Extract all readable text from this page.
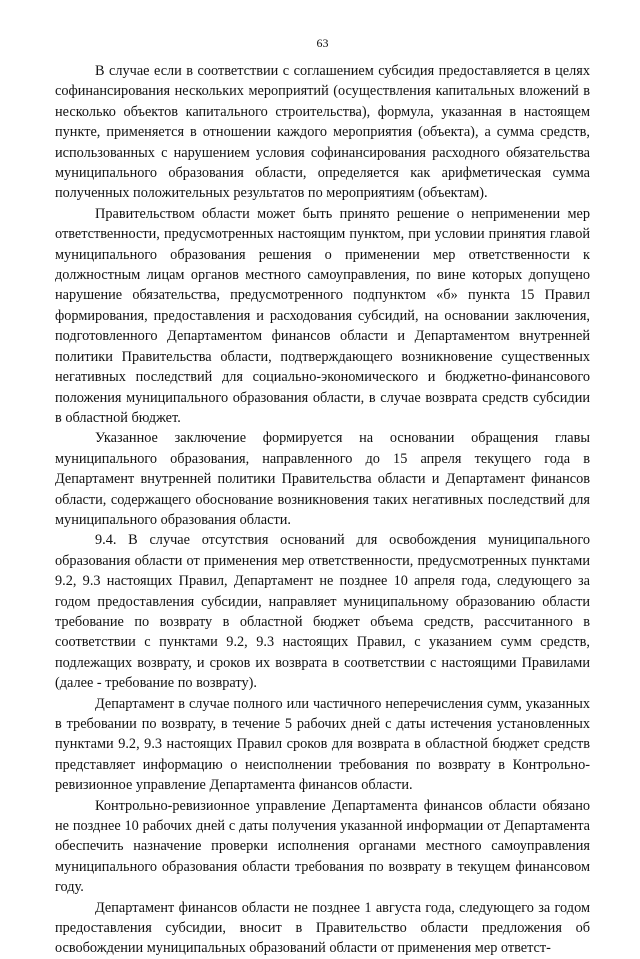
63

В случае если в соответствии с соглашением субсидия предоставляется в целях софинансирования нескольких мероприятий (осуществления капитальных вложений в несколько объектов капитального строительства), формула, указанная в настоящем пункте, применяется в отношении каждого мероприятия (объекта), а сумма средств, использованных с нарушением условия софинансирования расходного обязательства муниципального образования области, определяется как арифметическая сумма полученных положительных результатов по мероприятиям (объектам).

Правительством области может быть принято решение о неприменении мер ответственности, предусмотренных настоящим пунктом, при условии принятия главой муниципального образования решения о применении мер ответственности к должностным лицам органов местного самоуправления, по вине которых допущено нарушение обязательства, предусмотренного подпунктом «б» пункта 15 Правил формирования, предоставления и расходования субсидий, на основании заключения, подготовленного Департаментом финансов области и Департаментом внутренней политики Правительства области, подтверждающего возникновение существенных негативных последствий для социально-экономического и бюджетно-финансового положения муниципального образования области, в случае возврата средств субсидии в областной бюджет.

Указанное заключение формируется на основании обращения главы муниципального образования, направленного до 15 апреля текущего года в Департамент внутренней политики Правительства области и Департамент финансов области, содержащего обоснование возникновения таких негативных последствий для муниципального образования области.

9.4. В случае отсутствия оснований для освобождения муниципального образования области от применения мер ответственности, предусмотренных пунктами 9.2, 9.3 настоящих Правил, Департамент не позднее 10 апреля года, следующего за годом предоставления субсидии, направляет муниципальному образованию области требование по возврату в областной бюджет объема средств, рассчитанного в соответствии с пунктами 9.2, 9.3 настоящих Правил, с указанием сумм средств, подлежащих возврату, и сроков их возврата в соответствии с настоящими Правилами (далее - требование по возврату).

Департамент в случае полного или частичного неперечисления сумм, указанных в требовании по возврату, в течение 5 рабочих дней с даты истечения установленных пунктами 9.2, 9.3 настоящих Правил сроков для возврата в областной бюджет средств представляет информацию о неисполнении требования по возврату в Контрольно-ревизионное управление Департамента финансов области.

Контрольно-ревизионное управление Департамента финансов области обязано не позднее 10 рабочих дней с даты получения указанной информации от Департамента обеспечить назначение проверки исполнения органами местного самоуправления муниципального образования области требования по возврату в текущем финансовом году.

Департамент финансов области не позднее 1 августа года, следующего за годом предоставления субсидии, вносит в Правительство области предложения об освобождении муниципальных образований области от применения мер ответст-
